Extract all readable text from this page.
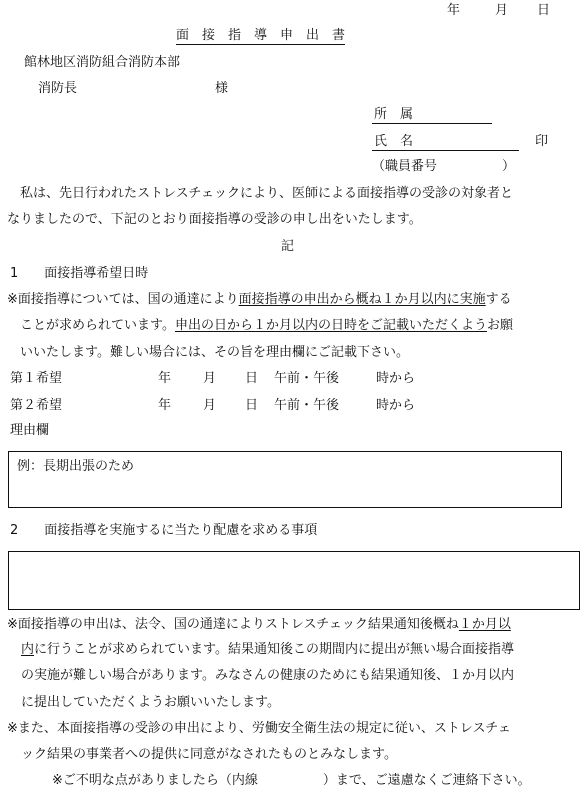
年	月 日
面　接　指　導　申　出　書
館林地区消防組合消防本部
消防長	様
所　属
氏　名	印
（職員番号　　　　　）
　私は、先日行われたストレスチェックにより、医師による面接指導の受診の対象者と
なりましたので、下記のとおり面接指導の受診の申し出をいたします。
記
1　　面接指導希望日時
※面接指導については、国の通達により面接指導の申出から概ね１か月以内に実施する
　ことが求められています。申出の日から１か月以内の日時をご記載いただくようお願
　いいたします。難しい場合には、その旨を理由欄にご記載下さい。
第１希望	年 月 日 午前・午後	時から
第２希望	年 月 日 午前・午後	時から
理由欄
例：長期出張のため
2　　面接指導を実施するに当たり配慮を求める事項
※面接指導の申出は、法令、国の通達によりストレスチェック結果通知後概ね１か月以
内に行うことが求められています。結果通知後この期間内に提出が無い場合面接指導
の実施が難しい場合があります。みなさんの健康のためにも結果通知後、１か月以内
に提出していただくようお願いいたします。
※また、本面接指導の受診の申出により、労働安全衛生法の規定に従い、ストレスチェ
ック結果の事業者への提供に同意がなされたものとみなします。
※ご不明な点がありましたら（内線　　　　　）まで、ご遠慮なくご連絡下さい。
